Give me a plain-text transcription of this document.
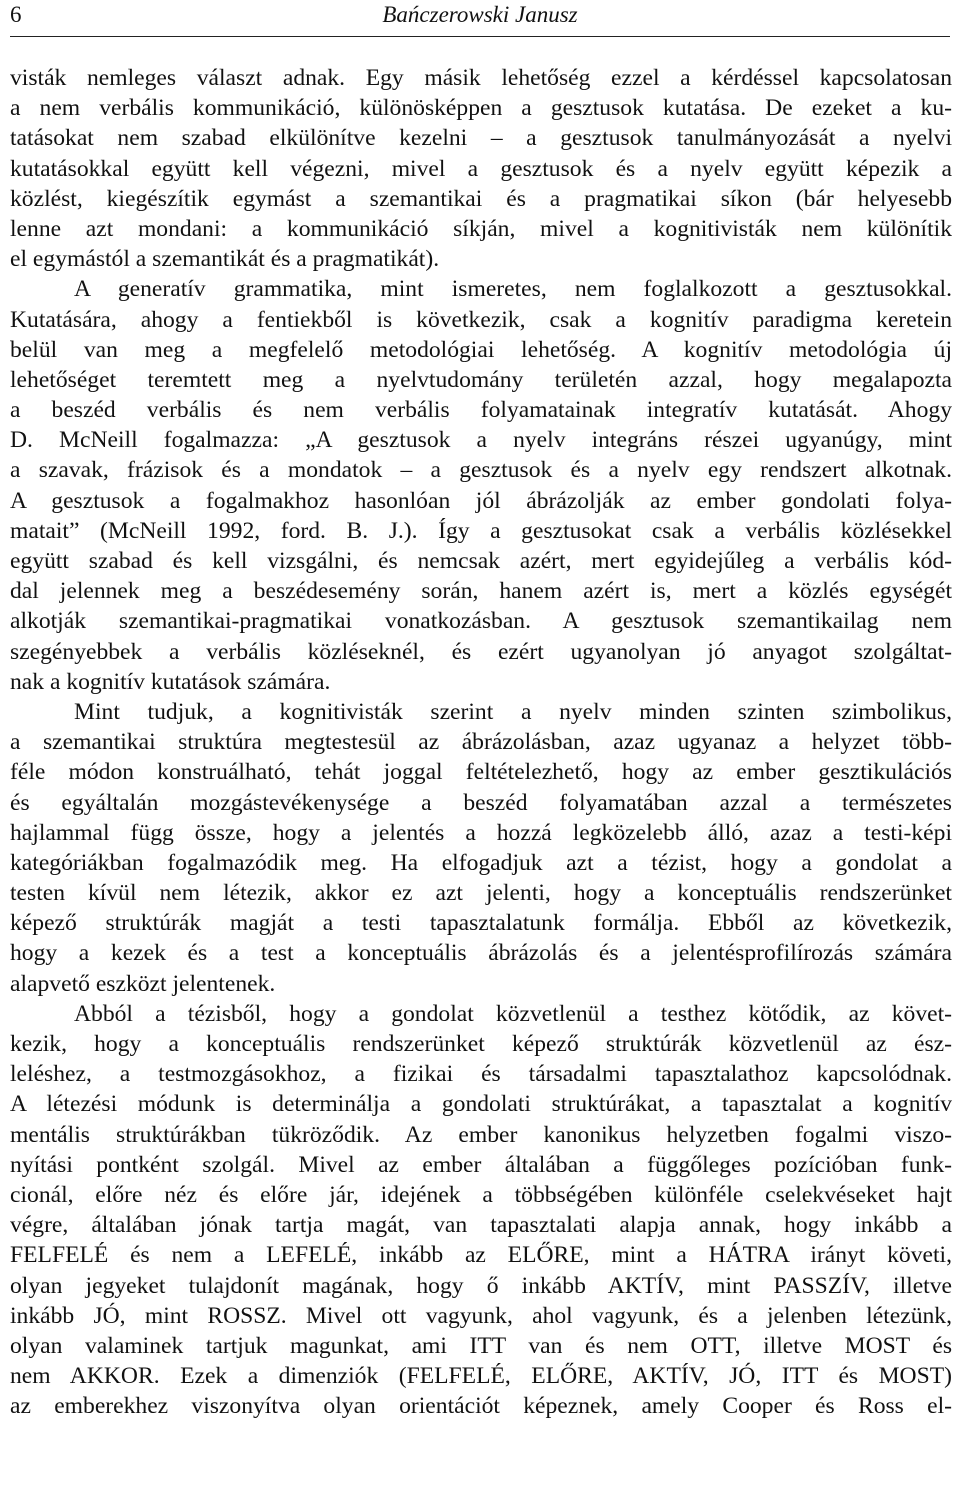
6	Bańczerowski Janusz
visták nemleges választ adnak. Egy másik lehetőség ezzel a kérdéssel kapcsolatosan
a nem verbális kommunikáció, különösképpen a gesztusok kutatása. De ezeket a ku-
tatásokat nem szabad elkülönítve kezelni – a gesztusok tanulmányozását a nyelvi
kutatásokkal együtt kell végezni, mivel a gesztusok és a nyelv együtt képezik a
közlést, kiegészítik egymást a szemantikai és a pragmatikai síkon (bár helyesebb
lenne azt mondani: a kommunikáció síkján, mivel a kognitivisták nem különítik
el egymástól a szemantikát és a pragmatikát).
A generatív grammatika, mint ismeretes, nem foglalkozott a gesztusokkal.
Kutatására, ahogy a fentiekből is következik, csak a kognitív paradigma keretein
belül van meg a megfelelő metodológiai lehetőség. A kognitív metodológia új
lehetőséget teremtett meg a nyelvtudomány területén azzal, hogy megalapozta
a beszéd verbális és nem verbális folyamatainak integratív kutatását. Ahogy
D. McNeill fogalmazza: „A gesztusok a nyelv integráns részei ugyanúgy, mint
a szavak, frázisok és a mondatok – a gesztusok és a nyelv egy rendszert alkotnak.
A gesztusok a fogalmakhoz hasonlóan jól ábrázolják az ember gondolati folya-
matait” (McNeill 1992, ford. B. J.). Így a gesztusokat csak a verbális közlésekkel
együtt szabad és kell vizsgálni, és nemcsak azért, mert egyidejűleg a verbális kód-
dal jelennek meg a beszédesemény során, hanem azért is, mert a közlés egységét
alkotják szemantikai-pragmatikai vonatkozásban. A gesztusok szemantikailag nem
szegényebbek a verbális közléseknél, és ezért ugyanolyan jó anyagot szolgáltat-
nak a kognitív kutatások számára.
Mint tudjuk, a kognitivisták szerint a nyelv minden szinten szimbolikus,
a szemantikai struktúra megtestesül az ábrázolásban, azaz ugyanaz a helyzet több-
féle módon konstruálható, tehát joggal feltételezhető, hogy az ember gesztikulációs
és egyáltalán mozgástevékenysége a beszéd folyamatában azzal a természetes
hajlammal függ össze, hogy a jelentés a hozzá legközelebb álló, azaz a testi-képi
kategóriákban fogalmazódik meg. Ha elfogadjuk azt a tézist, hogy a gondolat a
testen kívül nem létezik, akkor ez azt jelenti, hogy a konceptuális rendszerünket
képező struktúrák magját a testi tapasztalatunk formálja. Ebből az következik,
hogy a kezek és a test a konceptuális ábrázolás és a jelentésprofilírozás számára
alapvető eszközt jelentenek.
Abból a tézisből, hogy a gondolat közvetlenül a testhez kötődik, az követ-
kezik, hogy a konceptuális rendszerünket képező struktúrák közvetlenül az ész-
leléshez, a testmozgásokhoz, a fizikai és társadalmi tapasztalathoz kapcsolódnak.
A létezési módunk is determinálja a gondolati struktúrákat, a tapasztalat a kognitív
mentális struktúrákban tükröződik. Az ember kanonikus helyzetben fogalmi viszo-
nyítási pontként szolgál. Mivel az ember általában a függőleges pozícióban funk-
cionál, előre néz és előre jár, idejének a többségében különféle cselekvéseket hajt
végre, általában jónak tartja magát, van tapasztalati alapja annak, hogy inkább a
FELFELÉ és nem a LEFELÉ, inkább az ELŐRE, mint a HÁTRA irányt követi,
olyan jegyeket tulajdonít magának, hogy ő inkább AKTÍV, mint PASSZÍV, illetve
inkább JÓ, mint ROSSZ. Mivel ott vagyunk, ahol vagyunk, és a jelenben létezünk,
olyan valaminek tartjuk magunkat, ami ITT van és nem OTT, illetve MOST és
nem AKKOR. Ezek a dimenziók (FELFELÉ, ELŐRE, AKTÍV, JÓ, ITT és MOST)
az emberekhez viszonyítva olyan orientációt képeznek, amely Cooper és Ross el-
